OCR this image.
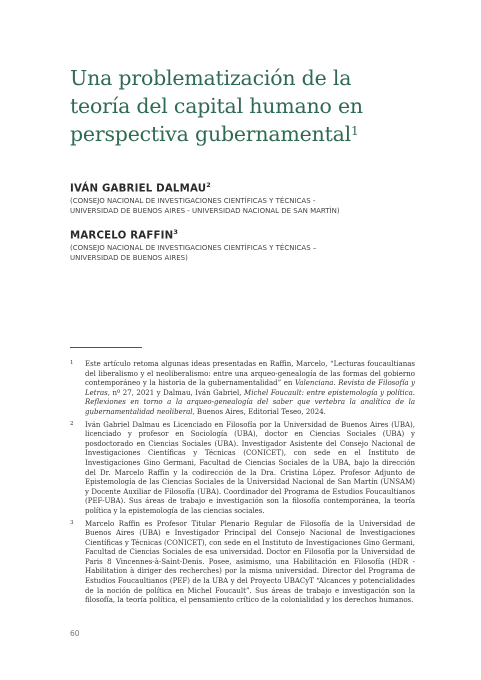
Una problematización de la
teoría del capital humano en
perspectiva gubernamental$^1$

IVÁN GABRIEL DALMAU$^2$

(CONSEJO NACIONAL DE INVESTIGACIONES CIENTÍFICAS Y TÉCNICAS -
UNIVERSIDAD DE BUENOS AIRES - UNIVERSIDAD NACIONAL DE SAN MARTÍN)

MARCELO RAFFIN$^3$

(CONSEJO NACIONAL DE INVESTIGACIONES CIENTÍFICAS Y TÉCNICAS –
UNIVERSIDAD DE BUENOS AIRES)

1 Este artículo retoma algunas ideas presentadas en Raffin, Marcelo, “Lecturas foucaultianas del liberalismo y el neoliberalismo: entre una arqueo-genealogía de las formas del gobierno contemporáneo y la historia de la gubernamentalidad” en Valenciana. Revista de Filosofía y Letras, nº 27, 2021 y Dalmau, Iván Gabriel, Michel Foucault: entre epistemología y política. Reflexiones en torno a la arqueo-genealogía del saber que vertebra la analítica de la gubernamentalidad neoliberal, Buenos Aires, Editorial Teseo, 2024.
2 Iván Gabriel Dalmau es Licenciado en Filosofía por la Universidad de Buenos Aires (UBA), licenciado y profesor en Sociología (UBA), doctor en Ciencias Sociales (UBA) y posdoctorado en Ciencias Sociales (UBA). Investigador Asistente del Consejo Nacional de Investigaciones Científicas y Técnicas (CONICET), con sede en el Instituto de Investigaciones Gino Germani, Facultad de Ciencias Sociales de la UBA, bajo la dirección del Dr. Marcelo Raffin y la codirección de la Dra. Cristina López. Profesor Adjunto de Epistemología de las Ciencias Sociales de la Universidad Nacional de San Martín (UNSAM) y Docente Auxiliar de Filosofía (UBA). Coordinador del Programa de Estudios Foucaultianos (PEF-UBA). Sus áreas de trabajo e investigación son la filosofía contemporánea, la teoría política y la epistemología de las ciencias sociales.
3 Marcelo Raffin es Profesor Titular Plenario Regular de Filosofía de la Universidad de Buenos Aires (UBA) e Investigador Principal del Consejo Nacional de Investigaciones Científicas y Técnicas (CONICET), con sede en el Instituto de Investigaciones Gino Germani, Facultad de Ciencias Sociales de esa universidad. Doctor en Filosofía por la Universidad de Paris 8 Vincennes-à-Saint-Denis. Posee, asimismo, una Habilitación en Filosofía (HDR - Habilitation à diriger des recherches) por la misma universidad. Director del Programa de Estudios Foucaultianos (PEF) de la UBA y del Proyecto UBACyT “Alcances y potencialidades de la noción de política en Michel Foucault”. Sus áreas de trabajo e investigación son la filosofía, la teoría política, el pensamiento crítico de la colonialidad y los derechos humanos.
60
